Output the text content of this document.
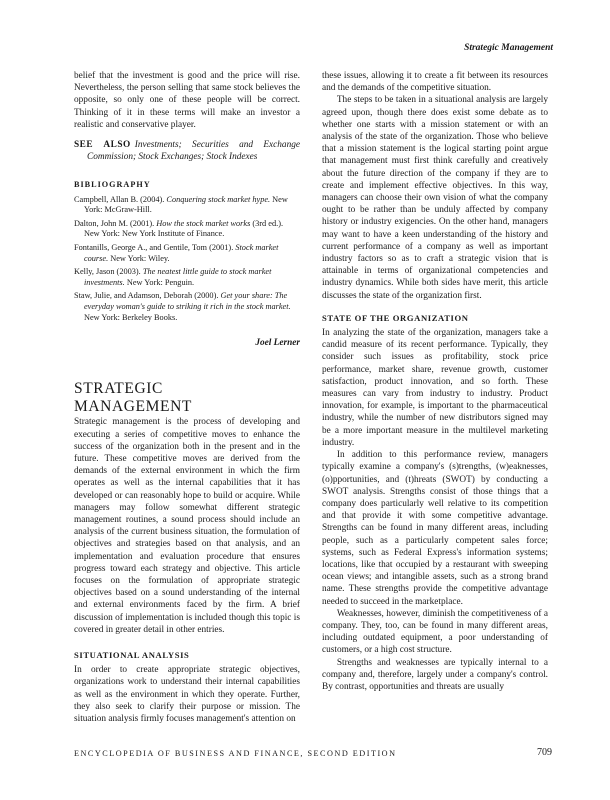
Strategic Management

belief that the investment is good and the price will rise. Nevertheless, the person selling that same stock believes the opposite, so only one of these people will be correct. Thinking of it in these terms will make an investor a realistic and conservative player.

SEE ALSO Investments; Securities and Exchange Commission; Stock Exchanges; Stock Indexes

BIBLIOGRAPHY
Campbell, Allan B. (2004). Conquering stock market hype. New York: McGraw-Hill.
Dalton, John M. (2001). How the stock market works (3rd ed.). New York: New York Institute of Finance.
Fontanills, George A., and Gentile, Tom (2001). Stock market course. New York: Wiley.
Kelly, Jason (2003). The neatest little guide to stock market investments. New York: Penguin.
Staw, Julie, and Adamson, Deborah (2000). Get your share: The everyday woman's guide to striking it rich in the stock market. New York: Berkeley Books.
Joel Lerner
STRATEGIC
MANAGEMENT

Strategic management is the process of developing and executing a series of competitive moves to enhance the success of the organization both in the present and in the future. These competitive moves are derived from the demands of the external environment in which the firm operates as well as the internal capabilities that it has developed or can reasonably hope to build or acquire. While managers may follow somewhat different strategic management routines, a sound process should include an analysis of the current business situation, the formulation of objectives and strategies based on that analysis, and an implementation and evaluation procedure that ensures progress toward each strategy and objective. This article focuses on the formulation of appropriate strategic objectives based on a sound understanding of the internal and external environments faced by the firm. A brief discussion of implementation is included though this topic is covered in greater detail in other entries.

SITUATIONAL ANALYSIS

In order to create appropriate strategic objectives, organizations work to understand their internal capabilities as well as the environment in which they operate. Further, they also seek to clarify their purpose or mission. The situation analysis firmly focuses management's attention on

these issues, allowing it to create a fit between its resources and the demands of the competitive situation.

The steps to be taken in a situational analysis are largely agreed upon, though there does exist some debate as to whether one starts with a mission statement or with an analysis of the state of the organization. Those who believe that a mission statement is the logical starting point argue that management must first think carefully and creatively about the future direction of the company if they are to create and implement effective objectives. In this way, managers can choose their own vision of what the company ought to be rather than be unduly affected by company history or industry exigencies. On the other hand, managers may want to have a keen understanding of the history and current performance of a company as well as important industry factors so as to craft a strategic vision that is attainable in terms of organizational competencies and industry dynamics. While both sides have merit, this article discusses the state of the organization first.

STATE OF THE ORGANIZATION

In analyzing the state of the organization, managers take a candid measure of its recent performance. Typically, they consider such issues as profitability, stock price performance, market share, revenue growth, customer satisfaction, product innovation, and so forth. These measures can vary from industry to industry. Product innovation, for example, is important to the pharmaceutical industry, while the number of new distributors signed may be a more important measure in the multilevel marketing industry.

In addition to this performance review, managers typically examine a company's (s)trengths, (w)eaknesses, (o)pportunities, and (t)hreats (SWOT) by conducting a SWOT analysis. Strengths consist of those things that a company does particularly well relative to its competition and that provide it with some competitive advantage. Strengths can be found in many different areas, including people, such as a particularly competent sales force; systems, such as Federal Express's information systems; locations, like that occupied by a restaurant with sweeping ocean views; and intangible assets, such as a strong brand name. These strengths provide the competitive advantage needed to succeed in the marketplace.

Weaknesses, however, diminish the competitiveness of a company. They, too, can be found in many different areas, including outdated equipment, a poor understanding of customers, or a high cost structure.

Strengths and weaknesses are typically internal to a company and, therefore, largely under a company's control. By contrast, opportunities and threats are usually

ENCYCLOPEDIA OF BUSINESS AND FINANCE, SECOND EDITION	709
